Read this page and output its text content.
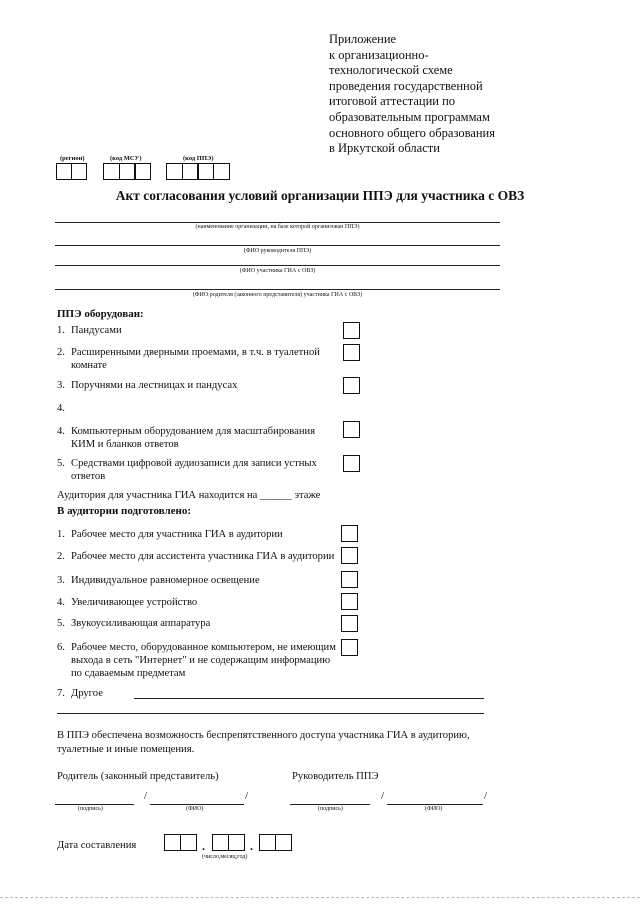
Приложение
к организационно-
технологической схеме
проведения государственной
итоговой аттестации по
образовательным программам
основного общего образования
в Иркутской области
(регион)	(код МСУ)	(код ППЭ)
Акт согласования условий организации ППЭ для участника с ОВЗ
(наименование организации, на базе которой организован ППЭ)
(ФИО руководителя ППЭ)
(ФИО участника ГИА с ОВЗ)
(ФИО родителя (законного представителя) участника ГИА с ОВЗ)
ППЭ оборудован:
1. Пандусами
2. Расширенными дверными проемами, в т.ч. в туалетной
комнате
3. Поручнями на лестницах и пандусах
4.
4. Компьютерным оборудованием для масштабирования
КИМ и бланков ответов
5. Средствами цифровой аудиозаписи для записи устных
ответов
Аудитория для участника ГИА находится на ______ этаже
В аудитории подготовлено:
1. Рабочее место для участника ГИА в аудитории
2. Рабочее место для ассистента участника ГИА в аудитории
3. Индивидуальное равномерное освещение
4. Увеличивающее устройство
5. Звукоусиливающая аппаратура
6. Рабочее место, оборудованное компьютером, не имеющим
выхода в сеть "Интернет" и не содержащим информацию
по сдаваемым предметам
7. Другое
В ППЭ обеспечена возможность беспрепятственного доступа участника ГИА в аудиторию,
туалетные и иные помещения.
Родитель (законный представитель)	Руководитель ППЭ
/	/
(подпись)	(ФИО)
/	/
(подпись)	(ФИО)
Дата составления	.	.
(число,месяц,год)
